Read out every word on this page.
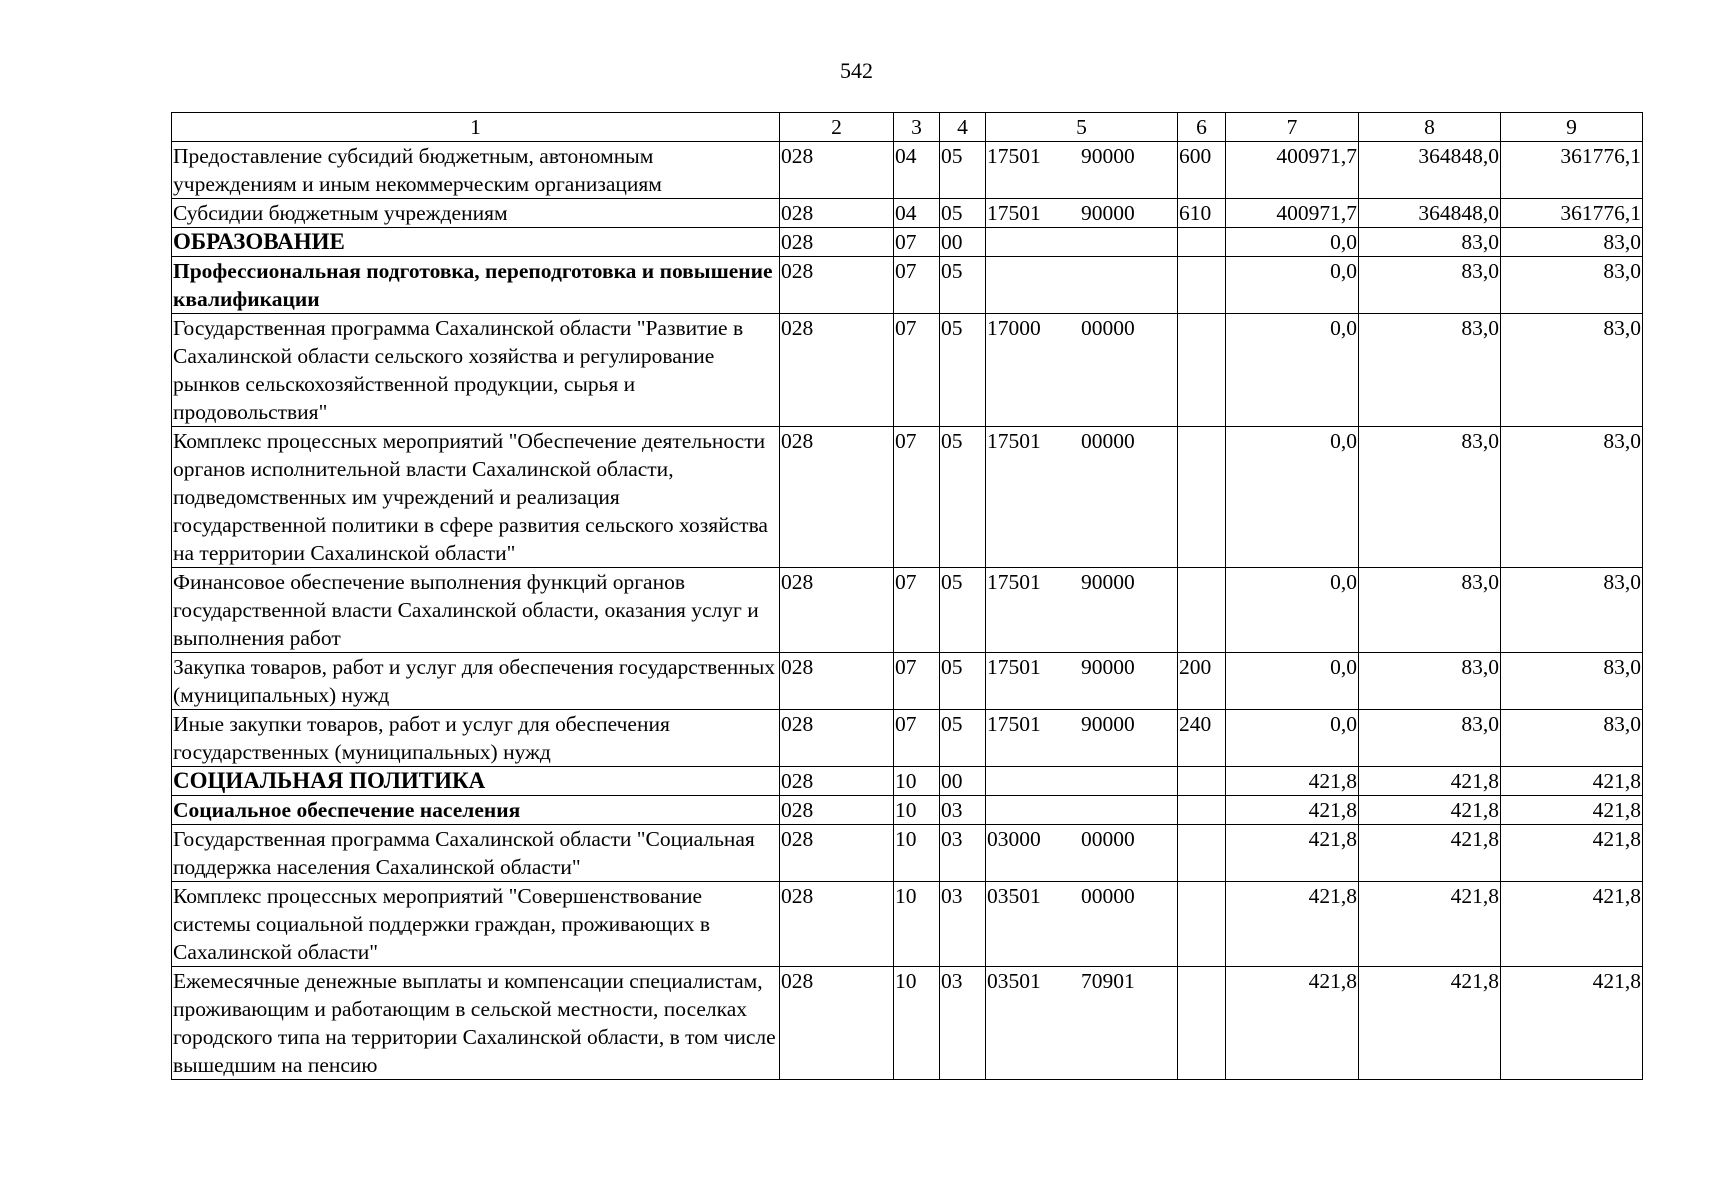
542
1	2	3	4	5	6	7	8	9
Предоставление субсидий бюджетным, автономным учреждениям и иным некоммерческим организациям	028	04	05	17501 90000	600	400971,7	364848,0	361776,1
Субсидии бюджетным учреждениям	028	04	05	17501 90000	610	400971,7	364848,0	361776,1
ОБРАЗОВАНИЕ	028	07	00			0,0	83,0	83,0
Профессиональная подготовка, переподготовка и повышение квалификации	028	07	05			0,0	83,0	83,0
Государственная программа Сахалинской области "Развитие в Сахалинской области сельского хозяйства и регулирование рынков сельскохозяйственной продукции, сырья и продовольствия"	028	07	05	17000 00000		0,0	83,0	83,0
Комплекс процессных мероприятий "Обеспечение деятельности органов исполнительной власти Сахалинской области, подведомственных им учреждений и реализация государственной политики в сфере развития сельского хозяйства на территории Сахалинской области"	028	07	05	17501 00000		0,0	83,0	83,0
Финансовое обеспечение выполнения функций органов государственной власти Сахалинской области, оказания услуг и выполнения работ	028	07	05	17501 90000		0,0	83,0	83,0
Закупка товаров, работ и услуг для обеспечения государственных (муниципальных) нужд	028	07	05	17501 90000	200	0,0	83,0	83,0
Иные закупки товаров, работ и услуг для обеспечения государственных (муниципальных) нужд	028	07	05	17501 90000	240	0,0	83,0	83,0
СОЦИАЛЬНАЯ ПОЛИТИКА	028	10	00			421,8	421,8	421,8
Социальное обеспечение населения	028	10	03			421,8	421,8	421,8
Государственная программа Сахалинской области "Социальная поддержка населения Сахалинской области"	028	10	03	03000 00000		421,8	421,8	421,8
Комплекс процессных мероприятий "Совершенствование системы социальной поддержки граждан, проживающих в Сахалинской области"	028	10	03	03501 00000		421,8	421,8	421,8
Ежемесячные денежные выплаты и компенсации специалистам, проживающим и работающим в сельской местности, поселках городского типа на территории Сахалинской области, в том числе вышедшим на пенсию	028	10	03	03501 70901		421,8	421,8	421,8
